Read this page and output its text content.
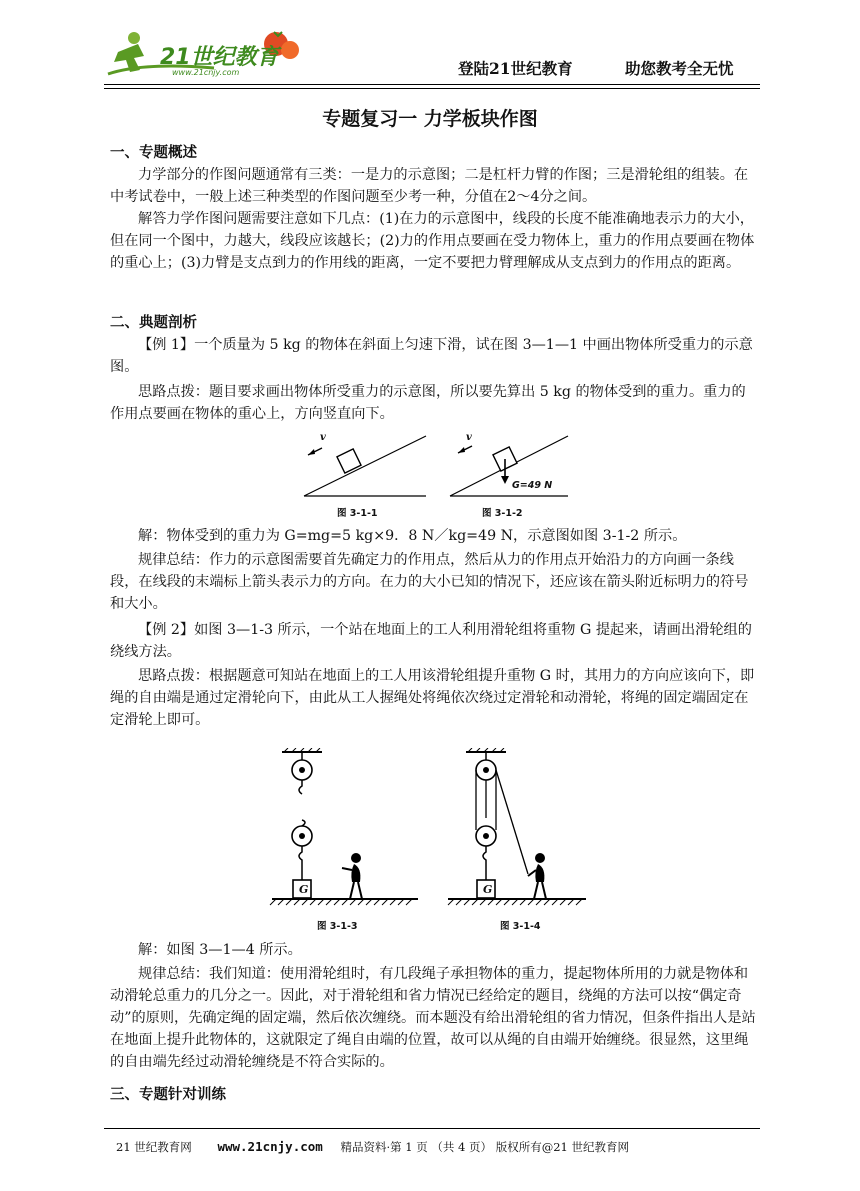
21世纪教育
www.21cnjy.com	登陆21世纪教育	助您教考全无忧
专题复习一 力学板块作图

一、专题概述

力学部分的作图问题通常有三类：一是力的示意图；二是杠杆力臂的作图；三是滑轮组的组装。在中考试卷中，一般上述三种类型的作图问题至少考一种，分值在2～4分之间。

解答力学作图问题需要注意如下几点：(1)在力的示意图中，线段的长度不能准确地表示力的大小，但在同一个图中，力越大，线段应该越长；(2)力的作用点要画在受力物体上，重力的作用点要画在物体的重心上；(3)力臂是支点到力的作用线的距离，一定不要把力臂理解成从支点到力的作用点的距离。

二、典题剖析

【例 1】一个质量为 5 kg 的物体在斜面上匀速下滑，试在图 3—1—1 中画出物体所受重力的示意图。

思路点拨：题目要求画出物体所受重力的示意图，所以要先算出 5 kg 的物体受到的重力。重力的作用点要画在物体的重心上，方向竖直向下。

v
图 3-1-1
v
G=49 N
图 3-1-2

解：物体受到的重力为 G=mg=5 kg×9．8 N／kg=49 N，示意图如图 3-1-2 所示。

规律总结：作力的示意图需要首先确定力的作用点，然后从力的作用点开始沿力的方向画一条线段，在线段的末端标上箭头表示力的方向。在力的大小已知的情况下，还应该在箭头附近标明力的符号和大小。

【例 2】如图 3—1-3 所示，一个站在地面上的工人利用滑轮组将重物 G 提起来，请画出滑轮组的绕线方法。

思路点拨：根据题意可知站在地面上的工人用该滑轮组提升重物 G 时，其用力的方向应该向下，即绳的自由端是通过定滑轮向下，由此从工人握绳处将绳依次绕过定滑轮和动滑轮，将绳的固定端固定在定滑轮上即可。

G	G
图 3-1-3	图 3-1-4

解：如图 3—1—4 所示。

规律总结：我们知道：使用滑轮组时，有几段绳子承担物体的重力，提起物体所用的力就是物体和动滑轮总重力的几分之一。因此，对于滑轮组和省力情况已经给定的题目，绕绳的方法可以按“偶定奇动”的原则，先确定绳的固定端，然后依次缠绕。而本题没有给出滑轮组的省力情况，但条件指出人是站在地面上提升此物体的，这就限定了绳自由端的位置，故可以从绳的自由端开始缠绕。很显然，这里绳的自由端先经过动滑轮缠绕是不符合实际的。

三、专题针对训练

21 世纪教育网 www.21cnjy.com 精品资料·第 1 页 （共 4 页） 版权所有@21 世纪教育网
